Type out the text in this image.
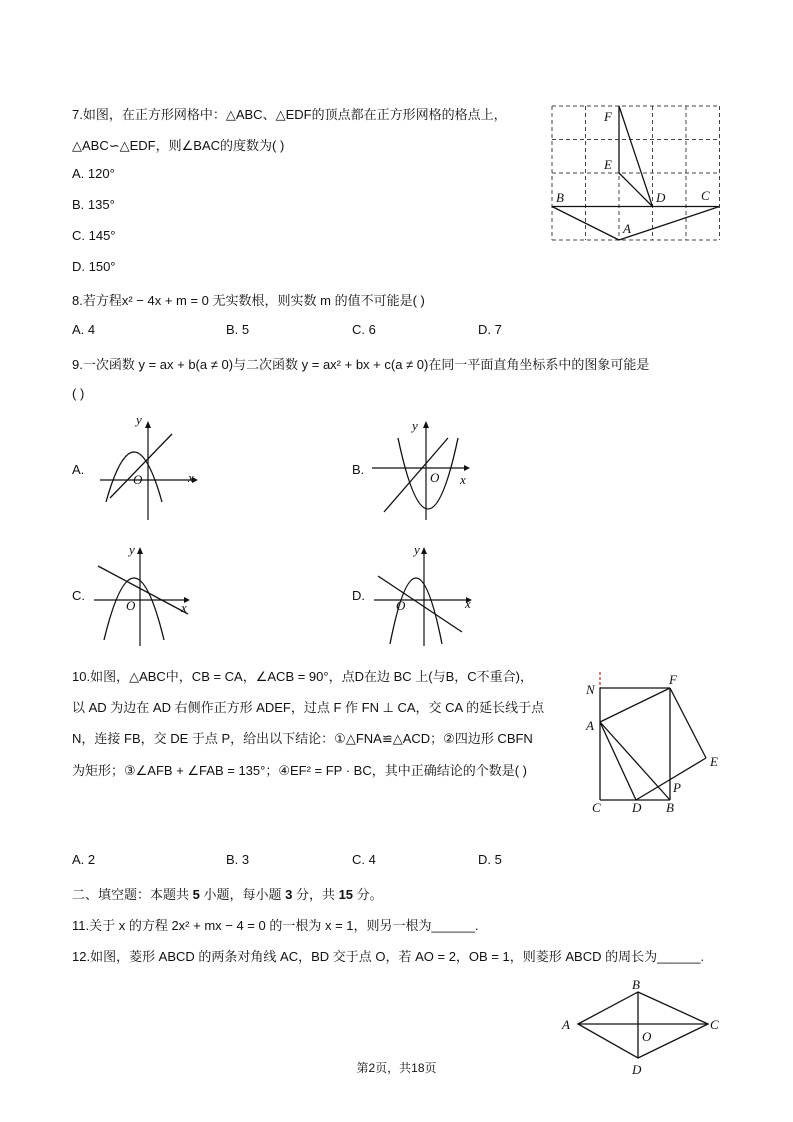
7.如图，在正方形网格中：△ABC、△EDF的顶点都在正方形网格的格点上，
△ABC∽△EDF，则∠BAC的度数为( )
A. 120°
B. 135°
C. 145°
D. 150°
F
E
B	D	C
A
8.若方程x² − 4x + m = 0 无实数根，则实数 m 的值不可能是( )
A. 4	B. 5	C. 6	D. 7
9.一次函数 y = ax + b(a ≠ 0)与二次函数 y = ax² + bx + c(a ≠ 0)在同一平面直角坐标系中的图象可能是
( )
A.
y
x
O
B.
y
x
O
C.
y
x
O
D.
y
x
O
10.如图，△ABC中，CB = CA，∠ACB = 90°，点D在边 BC 上(与B，C不重合)，
以 AD 为边在 AD 右侧作正方形 ADEF，过点 F 作 FN ⊥ CA，交 CA 的延长线于点
N，连接 FB，交 DE 于点 P，给出以下结论：①△FNA≌△ACD；②四边形 CBFN
为矩形；③∠AFB + ∠FAB = 135°；④EF² = FP · BC，其中正确结论的个数是( )
N
F
A
E
P
C D B
A. 2	B. 3	C. 4	D. 5
二、填空题：本题共 5 小题，每小题 3 分，共 15 分。
11.关于 x 的方程 2x² + mx − 4 = 0 的一根为 x = 1，则另一根为______.
12.如图，菱形 ABCD 的两条对角线 AC，BD 交于点 O，若 AO = 2，OB = 1，则菱形 ABCD 的周长为______.
A
B
C
D
O
第2页，共18页
